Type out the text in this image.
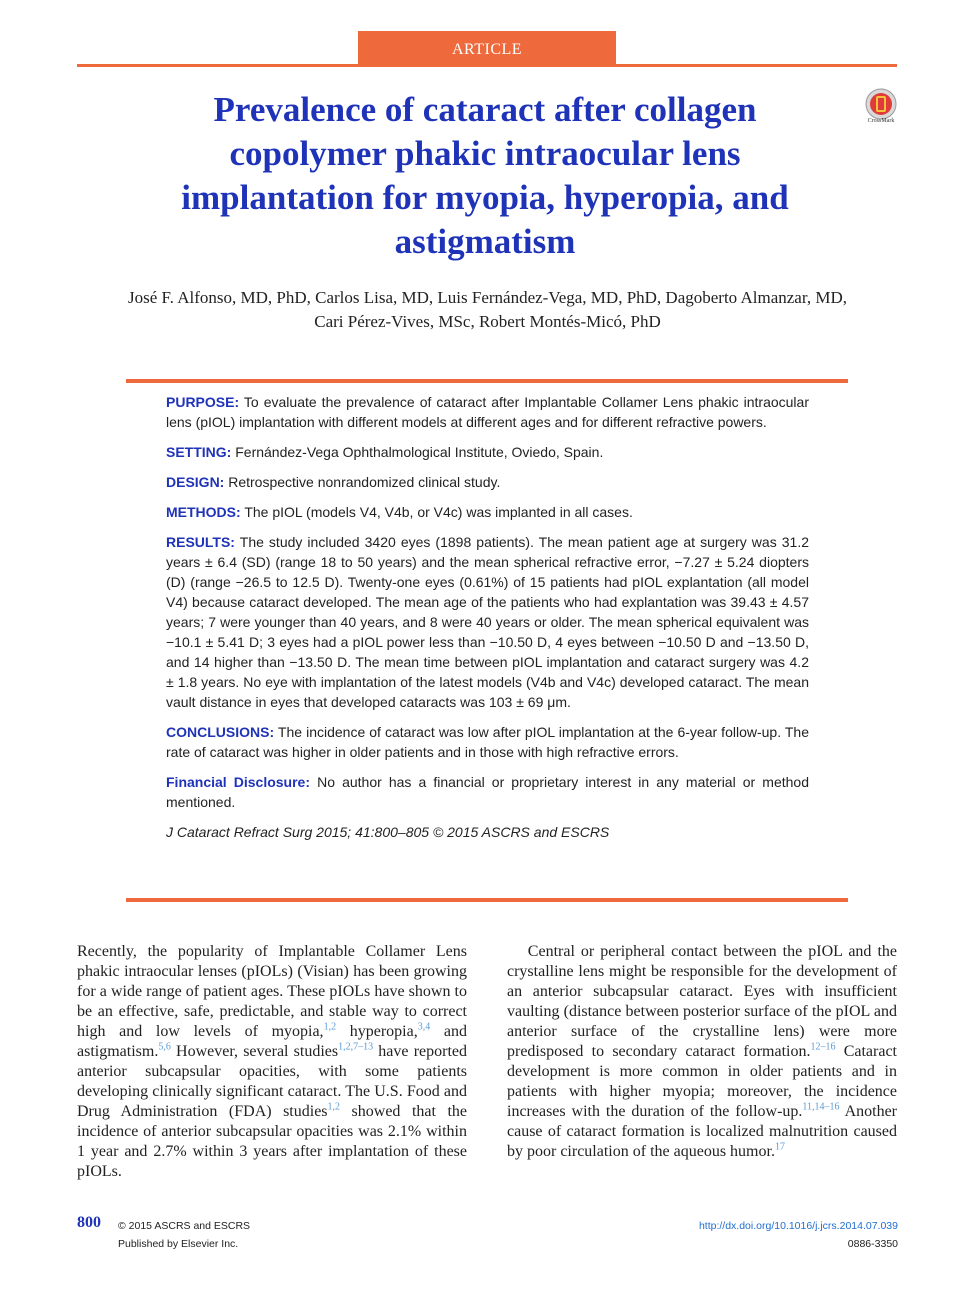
ARTICLE
Prevalence of cataract after collagen copolymer phakic intraocular lens implantation for myopia, hyperopia, and astigmatism
CrossMark
José F. Alfonso, MD, PhD, Carlos Lisa, MD, Luis Fernández-Vega, MD, PhD, Dagoberto Almanzar, MD,
Cari Pérez-Vives, MSc, Robert Montés-Micó, PhD

PURPOSE: To evaluate the prevalence of cataract after Implantable Collamer Lens phakic intraocular lens (pIOL) implantation with different models at different ages and for different refractive powers.

SETTING: Fernández-Vega Ophthalmological Institute, Oviedo, Spain.

DESIGN: Retrospective nonrandomized clinical study.

METHODS: The pIOL (models V4, V4b, or V4c) was implanted in all cases.

RESULTS: The study included 3420 eyes (1898 patients). The mean patient age at surgery was 31.2 years ± 6.4 (SD) (range 18 to 50 years) and the mean spherical refractive error, −7.27 ± 5.24 diopters (D) (range −26.5 to 12.5 D). Twenty-one eyes (0.61%) of 15 patients had pIOL explantation (all model V4) because cataract developed. The mean age of the patients who had explantation was 39.43 ± 4.57 years; 7 were younger than 40 years, and 8 were 40 years or older. The mean spherical equivalent was −10.1 ± 5.41 D; 3 eyes had a pIOL power less than −10.50 D, 4 eyes between −10.50 D and −13.50 D, and 14 higher than −13.50 D. The mean time between pIOL implantation and cataract surgery was 4.2 ± 1.8 years. No eye with implantation of the latest models (V4b and V4c) developed cataract. The mean vault distance in eyes that developed cataracts was 103 ± 69 μm.

CONCLUSIONS: The incidence of cataract was low after pIOL implantation at the 6-year follow-up. The rate of cataract was higher in older patients and in those with high refractive errors.

Financial Disclosure: No author has a financial or proprietary interest in any material or method mentioned.

J Cataract Refract Surg 2015; 41:800–805 © 2015 ASCRS and ESCRS

Recently, the popularity of Implantable Collamer Lens phakic intraocular lenses (pIOLs) (Visian) has been growing for a wide range of patient ages. These pIOLs have shown to be an effective, safe, predictable, and stable way to correct high and low levels of myopia,$^{1,2}$ hyperopia,$^{3,4}$ and astigmatism.$^{5,6}$ However, several studies$^{1,2,7-13}$ have reported anterior subcapsular opacities, with some patients developing clinically significant cataract. The U.S. Food and Drug Administration (FDA) studies$^{1,2}$ showed that the incidence of anterior subcapsular opacities was 2.1% within 1 year and 2.7% within 3 years after implantation of these pIOLs.

Central or peripheral contact between the pIOL and the crystalline lens might be responsible for the development of an anterior subcapsular cataract. Eyes with insufficient vaulting (distance between posterior surface of the pIOL and anterior surface of the crystalline lens) were more predisposed to secondary cataract formation.$^{12-16}$ Cataract development is more common in older patients and in patients with higher myopia; moreover, the incidence increases with the duration of the follow-up.$^{11,14-16}$ Another cause of cataract formation is localized malnutrition caused by poor circulation of the aqueous humor.$^{17}$

800 © 2015 ASCRS and ESCRS
Published by Elsevier Inc.
http://dx.doi.org/10.1016/j.jcrs.2014.07.039
0886-3350
